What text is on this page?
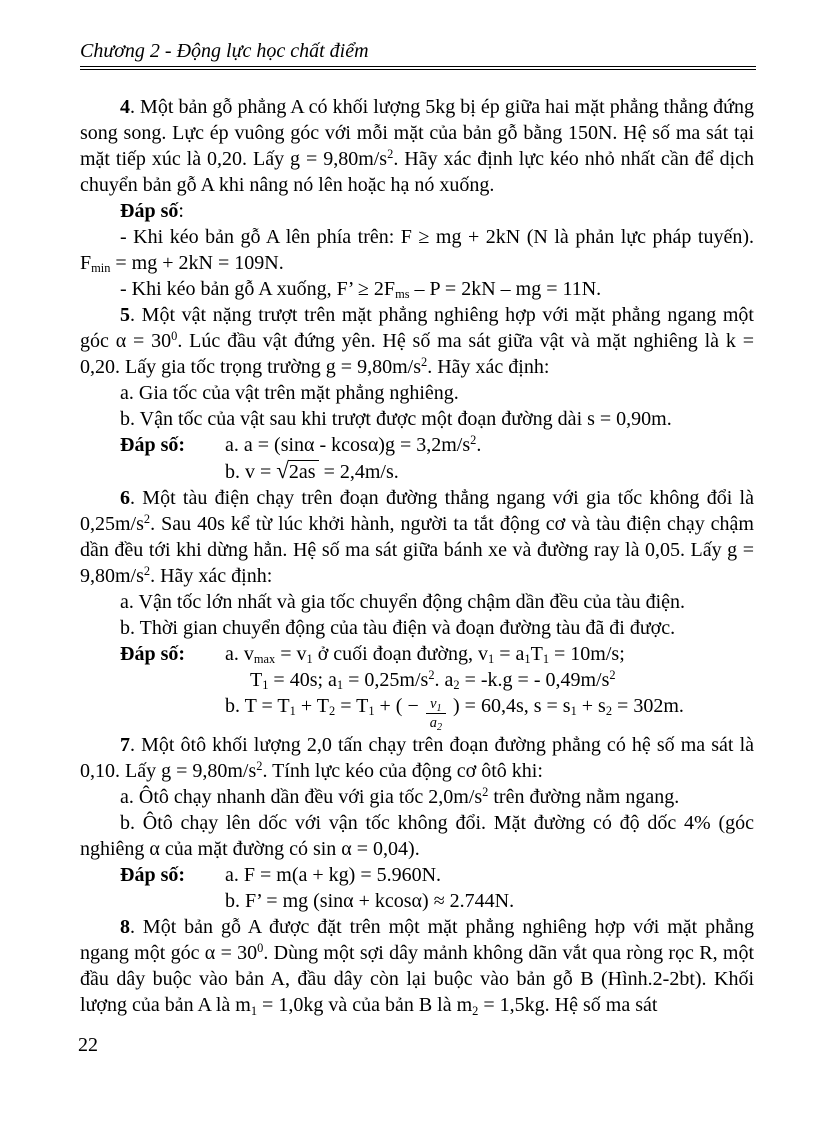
Chương 2 - Động lực học chất điểm
4. Một bản gỗ phẳng A có khối lượng 5kg bị ép giữa hai mặt phẳng thẳng đứng song song. Lực ép vuông góc với mỗi mặt của bản gỗ bằng 150N. Hệ số ma sát tại mặt tiếp xúc là 0,20. Lấy $g = 9,80m/s^2$. Hãy xác định lực kéo nhỏ nhất cần để dịch chuyển bản gỗ A khi nâng nó lên hoặc hạ nó xuống.
Đáp số:
- Khi kéo bản gỗ A lên phía trên: F ≥ mg + 2kN (N là phản lực pháp tuyến). $F_{min}$ = mg + 2kN = 109N.
- Khi kéo bản gỗ A xuống, F’ ≥ $2F_{ms} - P = 2kN$ – mg = 11N.
5. Một vật nặng trượt trên mặt phẳng nghiêng hợp với mặt phẳng ngang một góc $\alpha = 30^0$. Lúc đầu vật đứng yên. Hệ số ma sát giữa vật và mặt nghiêng là k = 0,20. Lấy gia tốc trọng trường $g = 9,80m/s^2$. Hãy xác định:
a. Gia tốc của vật trên mặt phẳng nghiêng.
b. Vận tốc của vật sau khi trượt được một đoạn đường dài s = 0,90m.
Đáp số: a. $a = (\sin\alpha - kcos\alpha)g = 3,2m/s^2$.
b. v = √2as = 2,4m/s.
6. Một tàu điện chạy trên đoạn đường thẳng ngang với gia tốc không đổi là $0,25m/s^2$. Sau 40s kể từ lúc khởi hành, người ta tắt động cơ và tàu điện chạy chậm dần đều tới khi dừng hẳn. Hệ số ma sát giữa bánh xe và đường ray là 0,05. Lấy $g = 9,80m/s^2$. Hãy xác định:
a. Vận tốc lớn nhất và gia tốc chuyển động chậm dần đều của tàu điện.
b. Thời gian chuyển động của tàu điện và đoạn đường tàu đã đi được.
Đáp số: a. $v_{max} = v_1$ ở cuối đoạn đường, $v_1 = a_1T_1 = 10m/s$;
$T_1 = 40s$; $a_1 = 0,25m/s^2$. $a_2 = -k.g$ = - $0,49m/s^2$
b. $T = T_1 + T_2 = T_1$ + ( − $\frac{v_1}{a_2}$ ) = 60,4s, $s = s_1 + s_2 = 302m$.
7. Một ôtô khối lượng 2,0 tấn chạy trên đoạn đường phẳng có hệ số ma sát là 0,10. Lấy $g = 9,80m/s^2$. Tính lực kéo của động cơ ôtô khi:
a. Ôtô chạy nhanh dần đều với gia tốc $2,0m/s^2$ trên đường nằm ngang.
b. Ôtô chạy lên dốc với vận tốc không đổi. Mặt đường có độ dốc 4% (góc nghiêng α của mặt đường có sin α = 0,04).
Đáp số: a. F = m(a + kg) = 5.960N.
b. F’ = mg (sinα + kcosα) ≈ 2.744N.
8. Một bản gỗ A được đặt trên một mặt phẳng nghiêng hợp với mặt phẳng ngang một góc $\alpha = 30^0$. Dùng một sợi dây mảnh không dãn vắt qua ròng rọc R, một đầu dây buộc vào bản A, đầu dây còn lại buộc vào bản gỗ B (Hình.2-2bt). Khối lượng của bản A là $m_1 = 1,0kg$ và của bản B là $m_2 = 1,5kg$. Hệ số ma sát
22
